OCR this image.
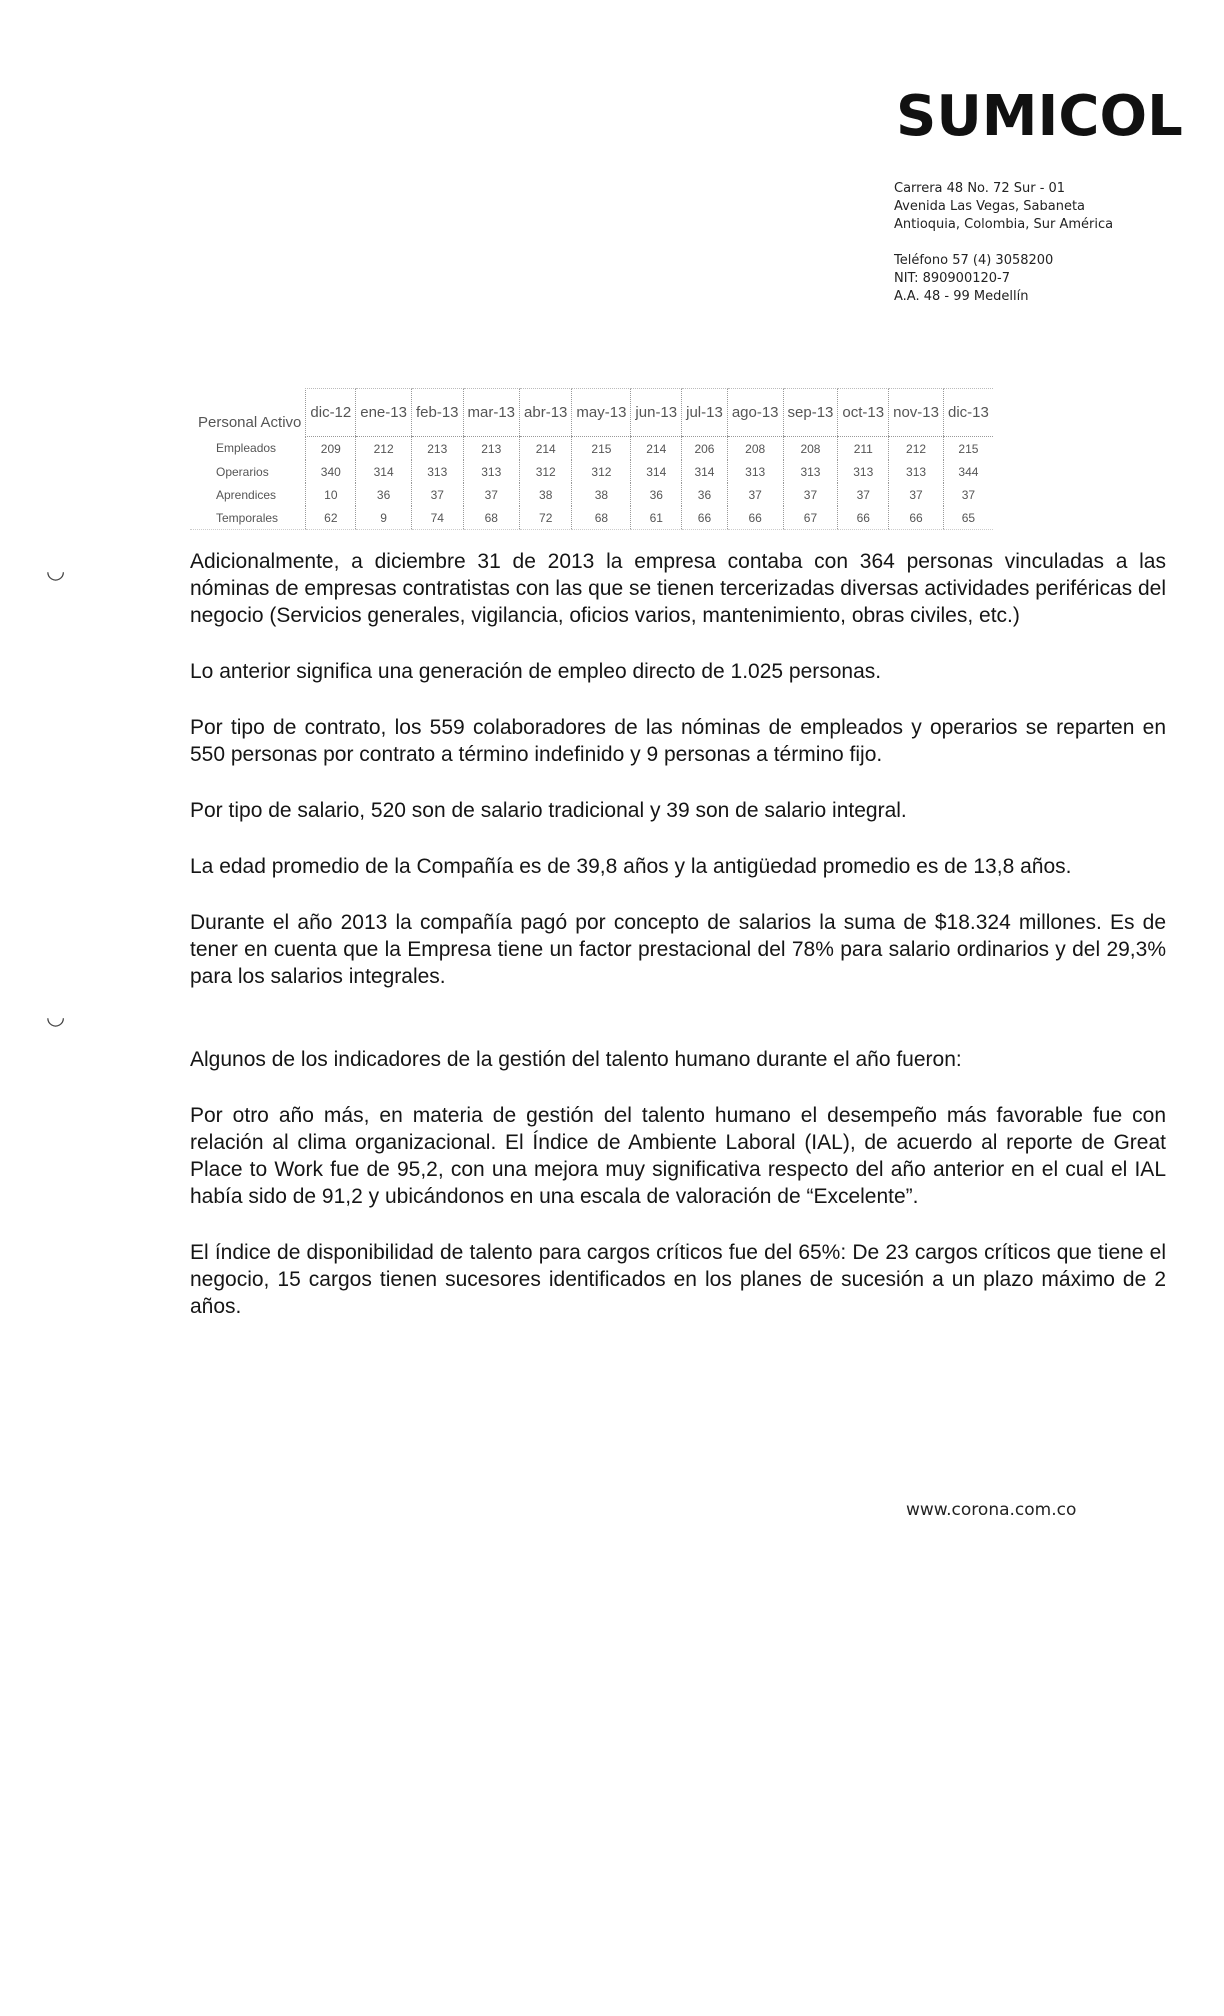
SUMICOL
Carrera 48 No. 72 Sur - 01
Avenida Las Vegas, Sabaneta
Antioquia, Colombia, Sur América
Teléfono 57 (4) 3058200
NIT: 890900120-7
A.A. 48 - 99 Medellín
◡
◡
Personal Activo	dic-12	ene-13	feb-13	mar-13	abr-13	may-13	jun-13	jul-13	ago-13	sep-13	oct-13	nov-13	dic-13
Empleados	209	212	213	213	214	215	214	206	208	208	211	212	215
Operarios	340	314	313	313	312	312	314	314	313	313	313	313	344
Aprendices	10	36	37	37	38	38	36	36	37	37	37	37	37
Temporales	62	9	74	68	72	68	61	66	66	67	66	66	65

Adicionalmente, a diciembre 31 de 2013 la empresa contaba con 364 personas vinculadas a las nóminas de empresas contratistas con las que se tienen tercerizadas diversas actividades periféricas del negocio (Servicios generales, vigilancia, oficios varios, mantenimiento, obras civiles, etc.)

Lo anterior significa una generación de empleo directo de 1.025 personas.

Por tipo de contrato, los 559 colaboradores de las nóminas de empleados y operarios se reparten en 550 personas por contrato a término indefinido y 9 personas a término fijo.

Por tipo de salario, 520 son de salario tradicional y 39 son de salario integral.

La edad promedio de la Compañía es de 39,8 años y la antigüedad promedio es de 13,8 años.

Durante el año 2013 la compañía pagó por concepto de salarios la suma de $18.324 millones. Es de tener en cuenta que la Empresa tiene un factor prestacional del 78% para salario ordinarios y del 29,3% para los salarios integrales.

Algunos de los indicadores de la gestión del talento humano durante el año fueron:

Por otro año más, en materia de gestión del talento humano el desempeño más favorable fue con relación al clima organizacional. El Índice de Ambiente Laboral (IAL), de acuerdo al reporte de Great Place to Work fue de 95,2, con una mejora muy significativa respecto del año anterior en el cual el IAL había sido de 91,2 y ubicándonos en una escala de valoración de “Excelente”.

El índice de disponibilidad de talento para cargos críticos fue del 65%: De 23 cargos críticos que tiene el negocio, 15 cargos tienen sucesores identificados en los planes de sucesión a un plazo máximo de 2 años.

www.corona.com.co
